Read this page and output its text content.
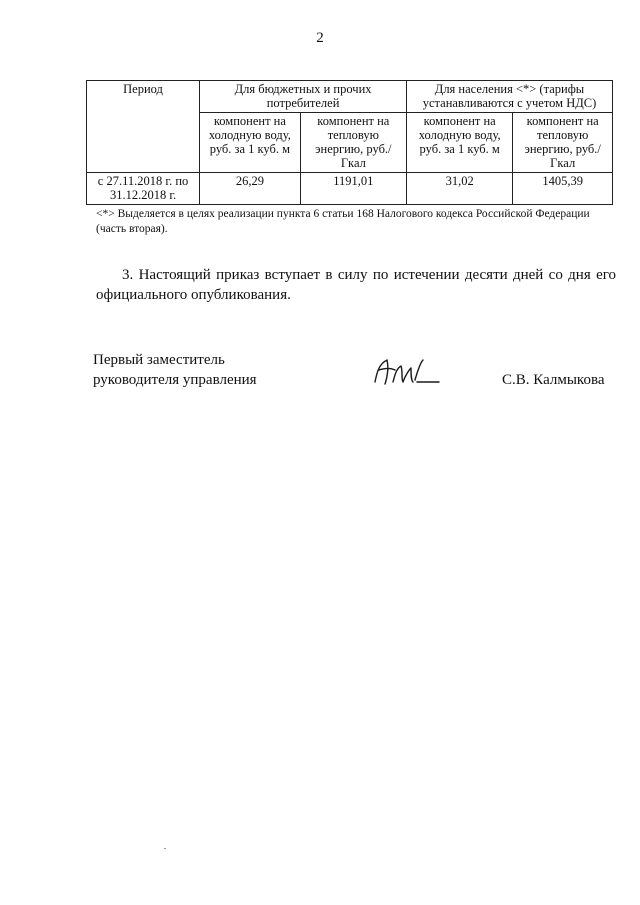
2
Период	Для бюджетных и прочих потребителей		Для населения <*> (тарифы устанавливаются с учетом НДС)	
	компонент на холодную воду, руб. за 1 куб. м	компонент на тепловую энергию, руб./Гкал	компонент на холодную воду, руб. за 1 куб. м	компонент на тепловую энергию, руб./Гкал
с 27.11.2018 г. по 31.12.2018 г.	26,29	1191,01	31,02	1405,39
<*> Выделяется в целях реализации пункта 6 статьи 168 Налогового кодекса Российской Федерации (часть вторая).
3. Настоящий приказ вступает в силу по истечении десяти дней со дня его официального опубликования.
Первый заместитель
руководителя управления	С.В. Калмыкова
